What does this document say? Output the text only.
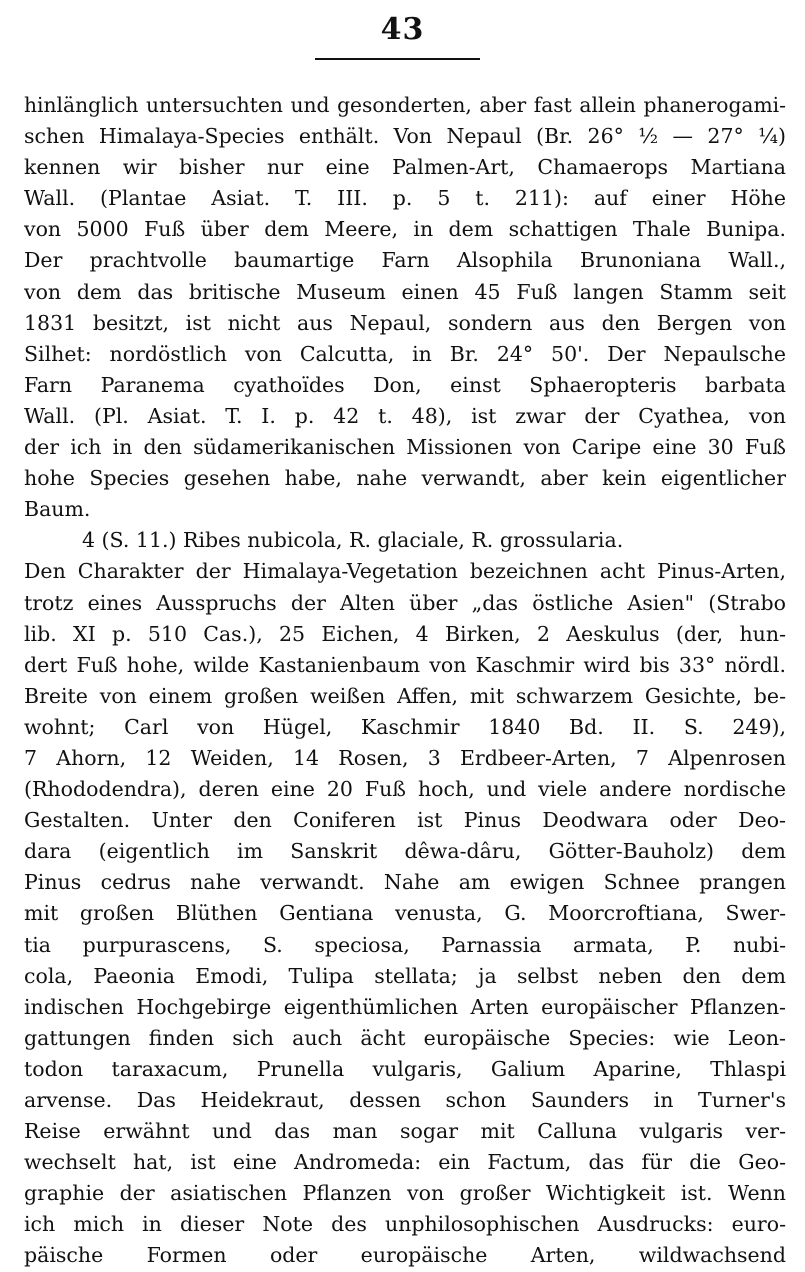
43
hinlänglich untersuchten und gesonderten, aber fast allein phanerogami-
schen Himalaya-Species enthält. Von Nepaul (Br. 26° ½ — 27° ¼)
kennen wir bisher nur eine Palmen-Art, Chamaerops Martiana
Wall. (Plantae Asiat. T. III. p. 5 t. 211): auf einer Höhe
von 5000 Fuß über dem Meere, in dem schattigen Thale Bunipa.
Der prachtvolle baumartige Farn Alsophila Brunoniana Wall.,
von dem das britische Museum einen 45 Fuß langen Stamm seit
1831 besitzt, ist nicht aus Nepaul, sondern aus den Bergen von
Silhet: nordöstlich von Calcutta, in Br. 24° 50'. Der Nepaulsche
Farn Paranema cyathoïdes Don, einst Sphaeropteris barbata
Wall. (Pl. Asiat. T. I. p. 42 t. 48), ist zwar der Cyathea, von
der ich in den südamerikanischen Missionen von Caripe eine 30 Fuß
hohe Species gesehen habe, nahe verwandt, aber kein eigentlicher
Baum.
4 (S. 11.) Ribes nubicola, R. glaciale, R. grossularia.
Den Charakter der Himalaya-Vegetation bezeichnen acht Pinus-Arten,
trotz eines Ausspruchs der Alten über „das östliche Asien" (Strabo
lib. XI p. 510 Cas.), 25 Eichen, 4 Birken, 2 Aeskulus (der, hun-
dert Fuß hohe, wilde Kastanienbaum von Kaschmir wird bis 33° nördl.
Breite von einem großen weißen Affen, mit schwarzem Gesichte, be-
wohnt; Carl von Hügel, Kaschmir 1840 Bd. II. S. 249),
7 Ahorn, 12 Weiden, 14 Rosen, 3 Erdbeer-Arten, 7 Alpenrosen
(Rhododendra), deren eine 20 Fuß hoch, und viele andere nordische
Gestalten. Unter den Coniferen ist Pinus Deodwara oder Deo-
dara (eigentlich im Sanskrit dêwa-dâru, Götter-Bauholz) dem
Pinus cedrus nahe verwandt. Nahe am ewigen Schnee prangen
mit großen Blüthen Gentiana venusta, G. Moorcroftiana, Swer-
tia purpurascens, S. speciosa, Parnassia armata, P. nubi-
cola, Paeonia Emodi, Tulipa stellata; ja selbst neben den dem
indischen Hochgebirge eigenthümlichen Arten europäischer Pflanzen-
gattungen finden sich auch ächt europäische Species: wie Leon-
todon taraxacum, Prunella vulgaris, Galium Aparine, Thlaspi
arvense. Das Heidekraut, dessen schon Saunders in Turner's
Reise erwähnt und das man sogar mit Calluna vulgaris ver-
wechselt hat, ist eine Andromeda: ein Factum, das für die Geo-
graphie der asiatischen Pflanzen von großer Wichtigkeit ist. Wenn
ich mich in dieser Note des unphilosophischen Ausdrucks: euro-
päische Formen oder europäische Arten, wildwachsend
